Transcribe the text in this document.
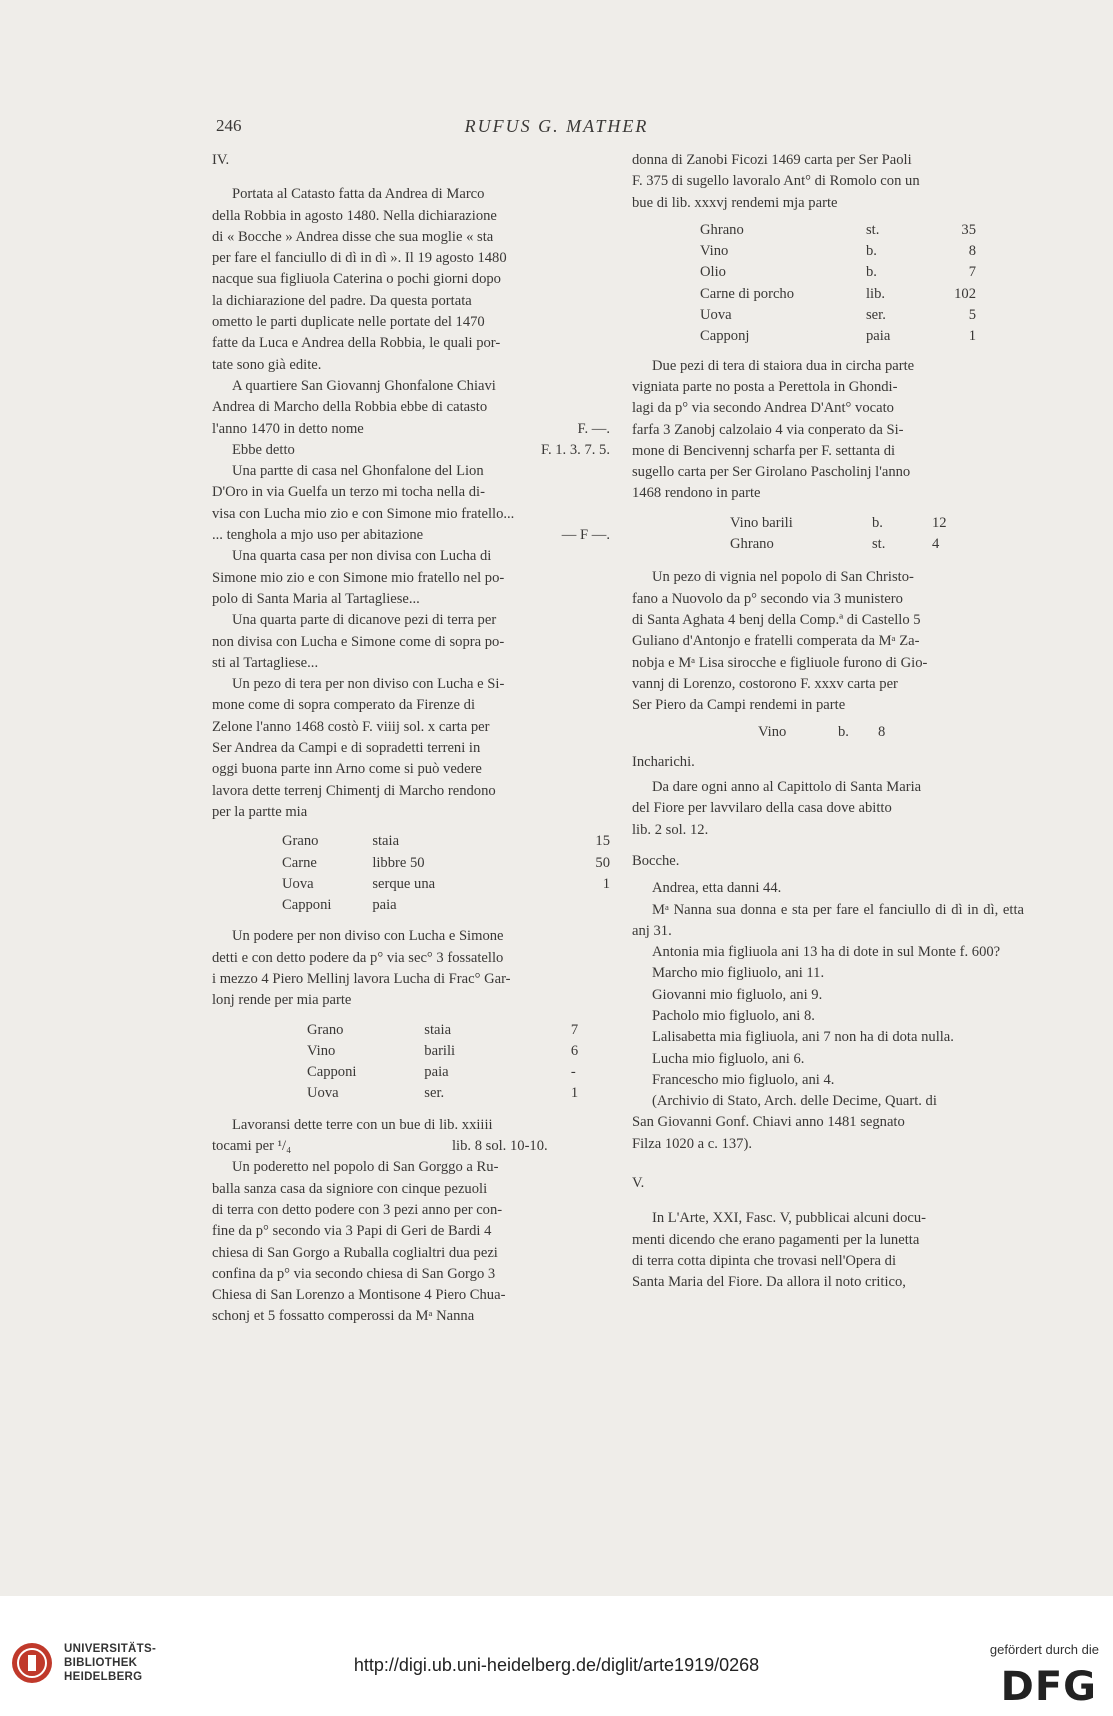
246	RUFUS G. MATHER

IV.

Portata al Catasto fatta da Andrea di Marco
della Robbia in agosto 1480. Nella dichiarazione
di « Bocche » Andrea disse che sua moglie « sta
per fare el fanciullo di dì in dì ». Il 19 agosto 1480
nacque sua figliuola Caterina o pochi giorni dopo
la dichiarazione del padre. Da questa portata
ometto le parti duplicate nelle portate del 1470
fatte da Luca e Andrea della Robbia, le quali por-
tate sono già edite.

A quartiere San Giovannj Ghonfalone Chiavi
Andrea di Marcho della Robbia ebbe di catasto

l'anno 1470 in detto nome	F. —.
Ebbe detto	F. 1. 3. 7. 5.

Una partte di casa nel Ghonfalone del Lion
D'Oro in via Guelfa un terzo mi tocha nella di-
visa con Lucha mio zio e con Simone mio fratello...

... tenghola a mjo uso per abitazione	— F —.

Una quarta casa per non divisa con Lucha di
Simone mio zio e con Simone mio fratello nel po-
polo di Santa Maria al Tartagliese...

Una quarta parte di dicanove pezi di terra per
non divisa con Lucha e Simone come di sopra po-
sti al Tartagliese...

Un pezo di tera per non diviso con Lucha e Si-
mone come di sopra comperato da Firenze di
Zelone l'anno 1468 costò F. viiij sol. x carta per
Ser Andrea da Campi e di sopradetti terreni in
oggi buona parte inn Arno come si può vedere
lavora dette terrenj Chimentj di Marcho rendono
per la partte mia

Grano	staia	15
Carne	libbre 50	50
Uova	serque una	1
Capponi	paia

Un podere per non diviso con Lucha e Simone
detti e con detto podere da p° via sec° 3 fossatello
i mezzo 4 Piero Mellinj lavora Lucha di Frac° Gar-
lonj rende per mia parte

Grano	staia	7
Vino	barili	6
Capponi	paia	-
Uova	ser.	1

Lavoransi dette terre con un bue di lib. xxiiii

tocami per ¹/₄	lib. 8 sol. 10-10.

Un poderetto nel popolo di San Gorggo a Ru-
balla sanza casa da signiore con cinque pezuoli
di terra con detto podere con 3 pezi anno per con-
fine da p° secondo via 3 Papi di Geri de Bardi 4
chiesa di San Gorgo a Ruballa coglialtri dua pezi
confina da p° via secondo chiesa di San Gorgo 3
Chiesa di San Lorenzo a Montisone 4 Piero Chua-
schonj et 5 fossatto comperossi da Mᵃ Nanna

donna di Zanobi Ficozi 1469 carta per Ser Paoli
F. 375 di sugello lavoralo Ant° di Romolo con un
bue di lib. xxxvj rendemi mja parte

Ghrano	st.	35
Vino	b.	8
Olio	b.	7
Carne di porcho	lib.	102
Uova	ser.	5
Capponj	paia	1

Due pezi di tera di staiora dua in circha parte
vigniata parte no posta a Perettola in Ghondi-
lagi da p° via secondo Andrea D'Ant° vocato
farfa 3 Zanobj calzolaio 4 via conperato da Si-
mone di Bencivennj scharfa per F. settanta di
sugello carta per Ser Girolano Pascholinj l'anno
1468 rendono in parte

Vino barili	b.	12
Ghrano	st.	4

Un pezo di vignia nel popolo di San Christo-
fano a Nuovolo da p° secondo via 3 munistero
di Santa Aghata 4 benj della Comp.ª di Castello 5
Guliano d'Antonjo e fratelli comperata da Mᵃ Za-
nobja e Mᵃ Lisa sirocche e figliuole furono di Gio-
vannj di Lorenzo, costorono F. xxxv carta per
Ser Piero da Campi rendemi in parte

Vino	b.	8

Incharichi.

Da dare ogni anno al Capittolo di Santa Maria
del Fiore per lavvilaro della casa dove abitto

lib. 2 sol. 12.

Bocche.

Andrea, etta danni 44.

Mᵃ Nanna sua donna e sta per fare el fanciullo di dì in dì, etta anj 31.

Antonia mia figliuola ani 13 ha di dote in sul Monte f. 600?

Marcho mio figliuolo, ani 11.

Giovanni mio figluolo, ani 9.

Pacholo mio figluolo, ani 8.

Lalisabetta mia figliuola, ani 7 non ha di dota nulla.

Lucha mio figluolo, ani 6.

Francescho mio figluolo, ani 4.

(Archivio di Stato, Arch. delle Decime, Quart. di
San Giovanni Gonf. Chiavi anno 1481 segnato
Filza 1020 a c. 137).

V.

In L'Arte, XXI, Fasc. V, pubblicai alcuni docu-
menti dicendo che erano pagamenti per la lunetta
di terra cotta dipinta che trovasi nell'Opera di
Santa Maria del Fiore. Da allora il noto critico,

UNIVERSITÄTS-
BIBLIOTHEK
HEIDELBERG
http://digi.ub.uni-heidelberg.de/diglit/arte1919/0268
gefördert durch die
DFG
